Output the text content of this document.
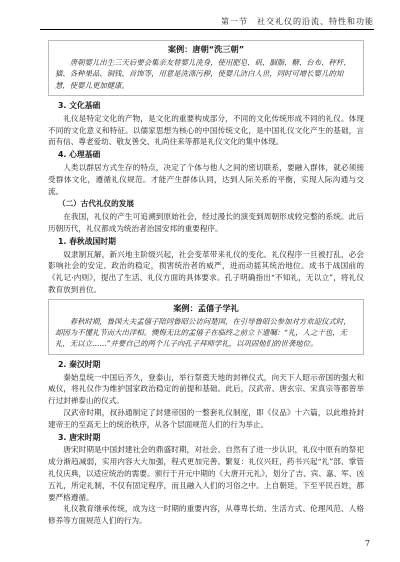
第一节　社交礼仪的沿流、特性和功能
案例：唐朝“洗三朝”
唐朝婴儿出生三天后要会集亲友替婴儿洗身，使用肥皂、矾、胭脂、糖、台布、秤杆、猫、各种果品、铜钱、首饰等，用意是洗涤污秽，使婴儿洁白人世，同时可增长婴儿的知慧，使婴儿更加健康。
3. 文化基础

礼仪是特定文化的产物，是文化的重要构成部分，不同的文化传统形成不同的礼仪。体现不同的文化意义和特征。以儒家思想为核心的中国传统文化，是中国礼仪文化产生的基础，言而有信、尊老爱幼、敬友善交、礼尚往来等都是礼仪文化的集中体现。

4. 心理基础

人类以群居方式生存的特点，决定了个体与他人之间的密切联系，要融入群体，就必须接受群体文化，遵循礼仪规范。才能产生群体认同，达到人际关系的平衡，实现人际沟通与交流。

（二）古代礼仪的发展

在我国，礼仪的产生可追溯到原始社会，经过漫长的演变到周朝形成较完整的系统。此后历朝历代，礼仪都成为统治者治国安邦的重要程序。

1. 春秋战国时期

奴隶制瓦解，新兴地主阶级兴起，社会变革带来礼仪的变化。礼仪程序一旦被打乱，必会影响社会的安定、政治的稳定，损害统治者的威严，进而动摇其统治地位。成书于战国前的《礼记·内则》，提出了生活、礼仪方面的具体要求。孔子明确指出“不知礼，无以立”，将礼仪教育放到首位。

案例：孟僖子学礼
春秋时期，鲁国大夫孟僖子陪同鲁昭公访问楚国，在引导鲁昭公参加对方欢迎仪式时，却因为不懂礼节而大出洋相。懊悔无比的孟僖子在临终之前立下遗嘱：“礼，人之干也，无礼，无以立……”并要自己的两个儿子向孔子拜师学礼，以巩固他们的世袭地位。
2. 秦汉时期

秦始皇统一中国后齐久，登泰山，举行祭奠天地的封禅仪式，向天下人昭示帝国的强大和威仪，将礼仪作为维护国家政治稳定的前提和基础。此后，汉武帝、唐玄宗、宋真宗等都曾举行过封禅泰山的仪式。

汉武帝时期，叔孙通制定了封建帝国的一整套礼仪制度，即《仪品》十六篇，以此维持封建帝王的至高无上的统治秩序，从各个层面规范人们的行为举止。

3. 唐宋时期

唐宋时期是中国封建社会的鼎盛时期，对社会、自然有了进一步认识，礼仪中原有的祭祀成分渐趋减弱，实用内容大大加强，程式更加完善。繁复：礼仪兴旺，药书兴起“礼”部、掌管礼仪庆典，以适应统治的需要。颁行于开元中期的《大唐开元礼》，划分了吉、宾、嘉、军、凶五礼，所定礼制，不仅有固定程序，而且融入人们的习俗之中。上自朝廷，下至平民百姓，都要严格遵循。

礼仪教育继承传统，成为这一时期的重要内容，从尊卑长幼、生活方式、伦理风范、人格修养等方面规范人们的行为。

7
